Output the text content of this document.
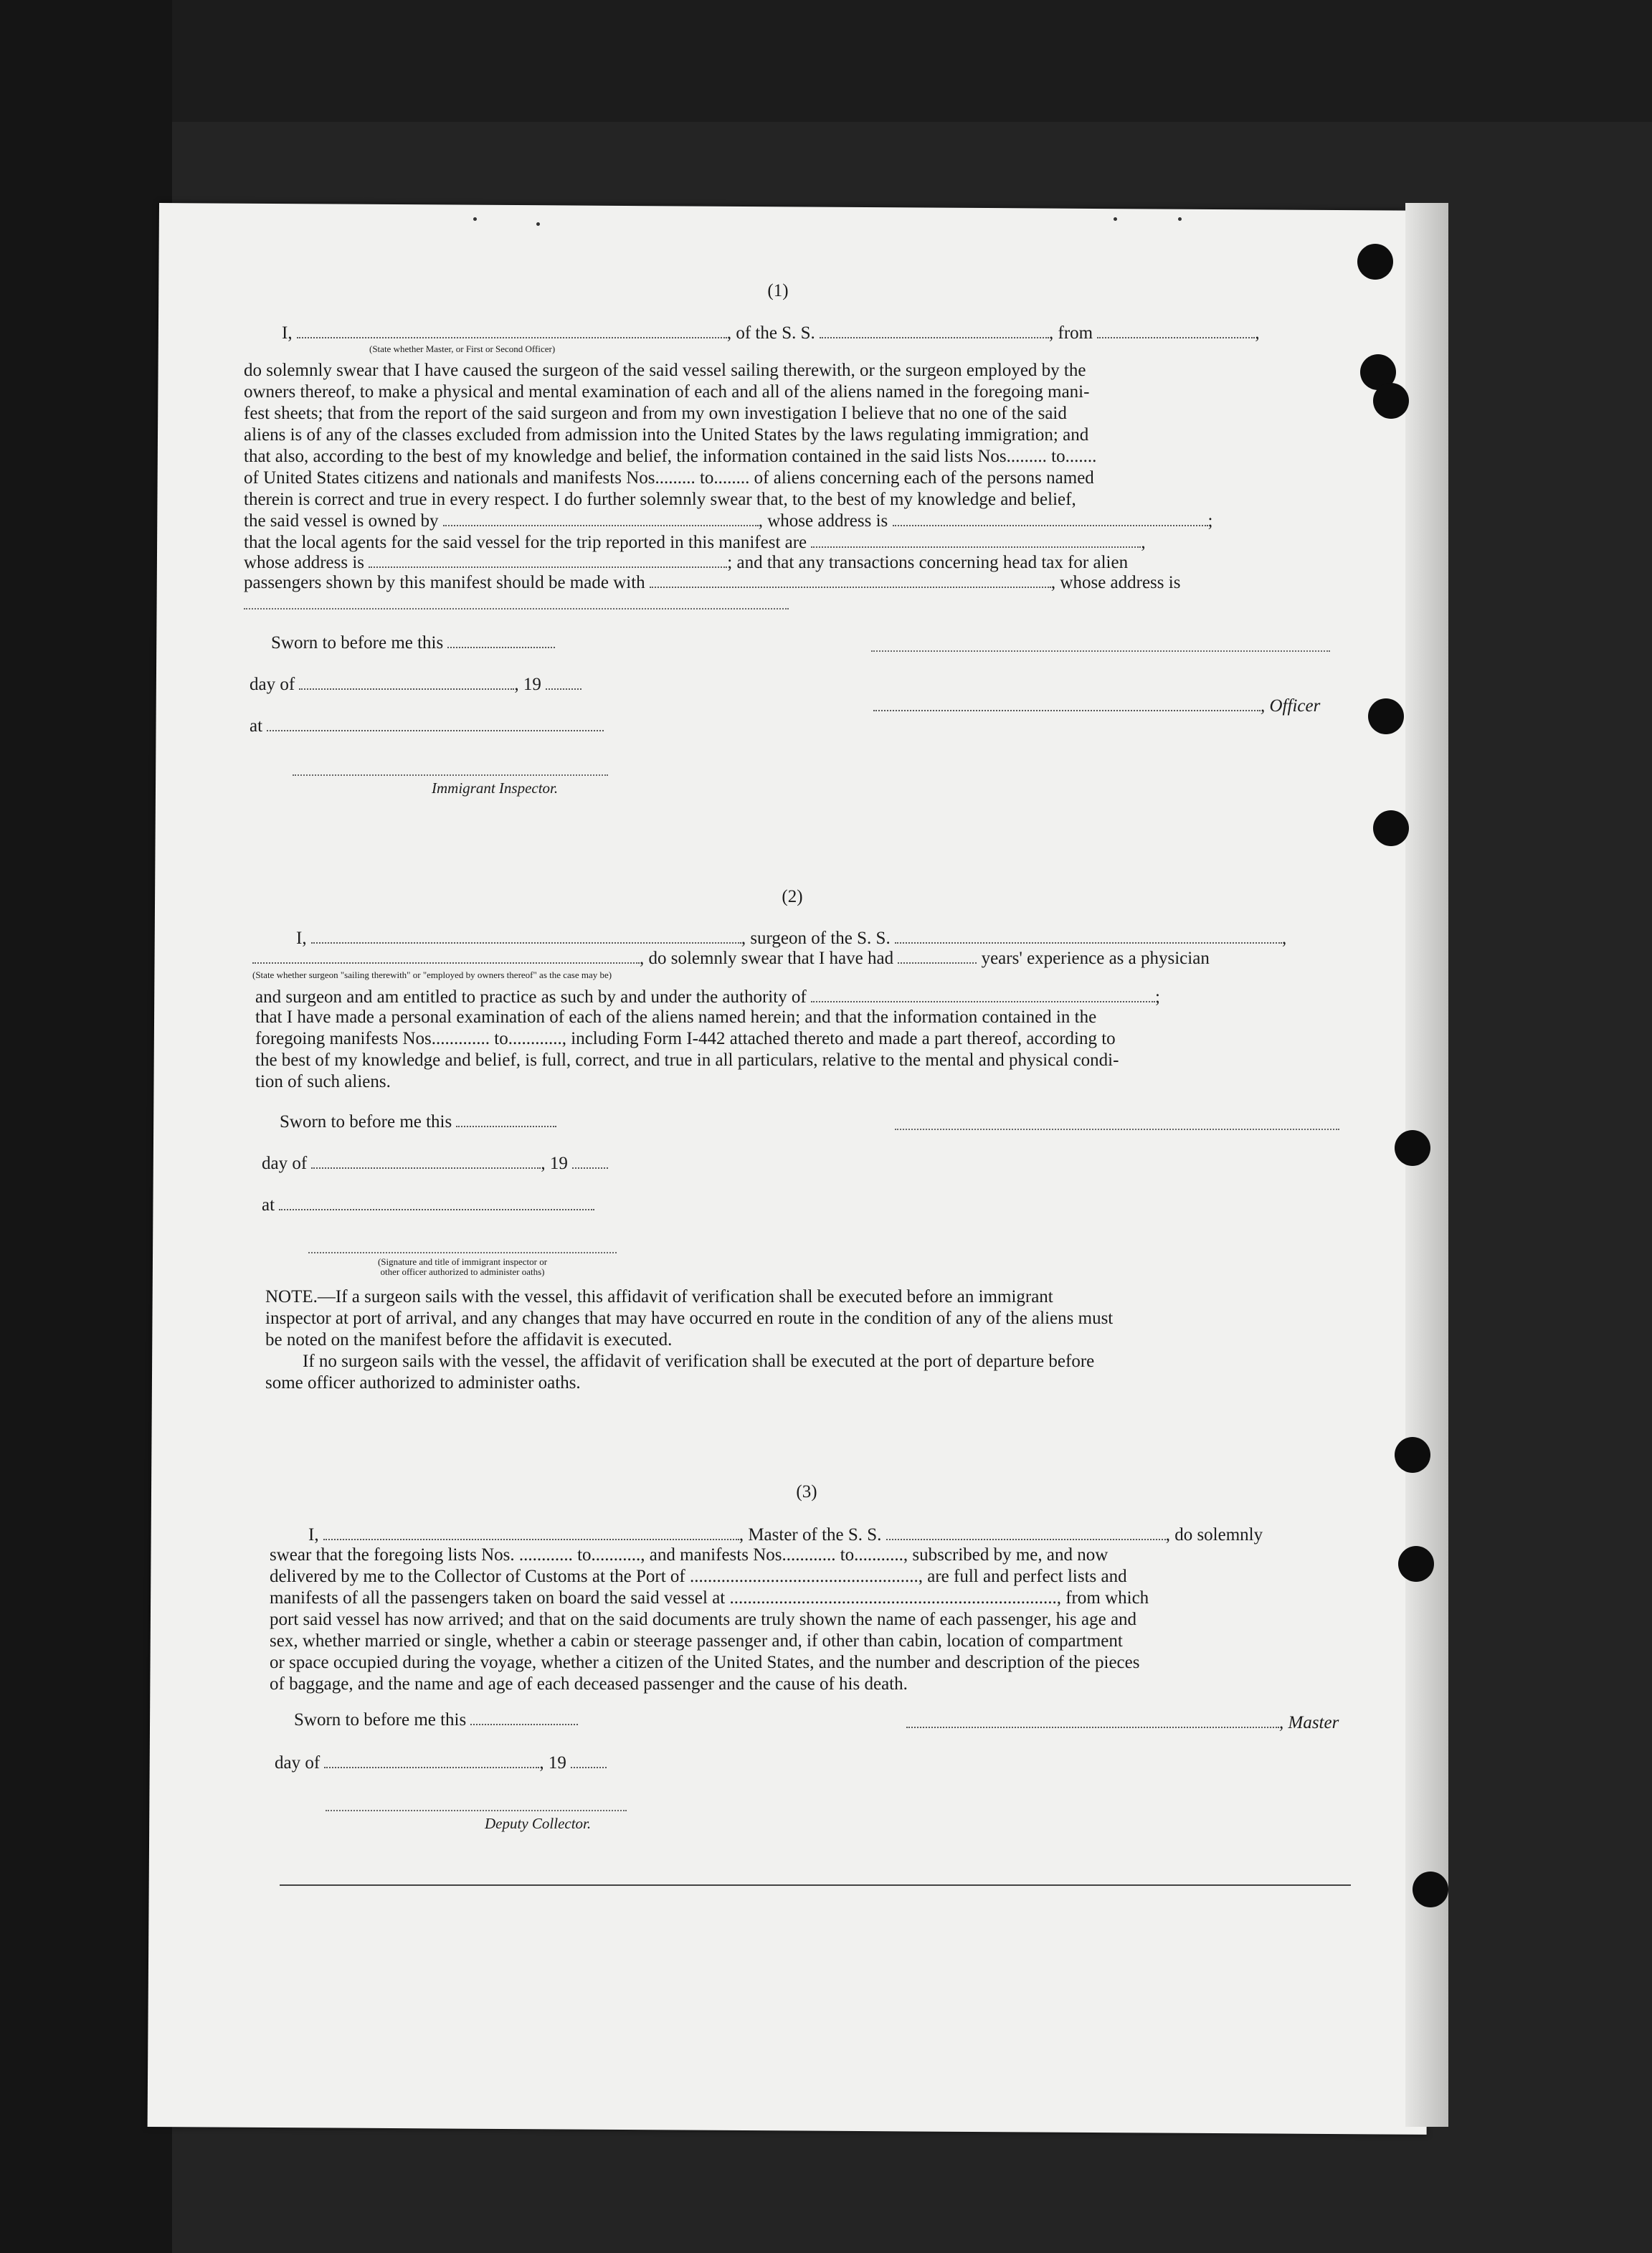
(1)
I,	, of the S. S.	, from	,
(State whether Master, or First or Second Officer)
do solemnly swear that I have caused the surgeon of the said vessel sailing therewith, or the surgeon employed by the
owners thereof, to make a physical and mental examination of each and all of the aliens named in the foregoing mani-
fest sheets; that from the report of the said surgeon and from my own investigation I believe that no one of the said
aliens is of any of the classes excluded from admission into the United States by the laws regulating immigration; and
that also, according to the best of my knowledge and belief, the information contained in the said lists Nos......... to.......
of United States citizens and nationals and manifests Nos......... to........ of aliens concerning each of the persons named
therein is correct and true in every respect. I do further solemnly swear that, to the best of my knowledge and belief,
the said vessel is owned by	, whose address is	;
that the local agents for the said vessel for the trip reported in this manifest are	,
whose address is	; and that any transactions concerning head tax for alien
passengers shown by this manifest should be made with	, whose address is
Sworn to before me this
day of	, 19
, Officer
at
Immigrant Inspector.
(2)
I,	, surgeon of the S. S.	,
, do solemnly swear that I have had	years' experience as a physician
(State whether surgeon "sailing therewith" or "employed by owners thereof" as the case may be)
and surgeon and am entitled to practice as such by and under the authority of	;
that I have made a personal examination of each of the aliens named herein; and that the information contained in the
foregoing manifests Nos............. to............, including Form I-442 attached thereto and made a part thereof, according to
the best of my knowledge and belief, is full, correct, and true in all particulars, relative to the mental and physical condi-
tion of such aliens.
Sworn to before me this
day of	, 19
at
(Signature and title of immigrant inspector or
other officer authorized to administer oaths)
NOTE.—If a surgeon sails with the vessel, this affidavit of verification shall be executed before an immigrant
inspector at port of arrival, and any changes that may have occurred en route in the condition of any of the aliens must
be noted on the manifest before the affidavit is executed.
If no surgeon sails with the vessel, the affidavit of verification shall be executed at the port of departure before
some officer authorized to administer oaths.
(3)
I,	, Master of the S. S.	, do solemnly
swear that the foregoing lists Nos. ............ to..........., and manifests Nos............ to..........., subscribed by me, and now
delivered by me to the Collector of Customs at the Port of ..................................................., are full and perfect lists and
manifests of all the passengers taken on board the said vessel at ........................................................................., from which
port said vessel has now arrived; and that on the said documents are truly shown the name of each passenger, his age and
sex, whether married or single, whether a cabin or steerage passenger and, if other than cabin, location of compartment
or space occupied during the voyage, whether a citizen of the United States, and the number and description of the pieces
of baggage, and the name and age of each deceased passenger and the cause of his death.
Sworn to before me this	, Master
day of	, 19
Deputy Collector.
